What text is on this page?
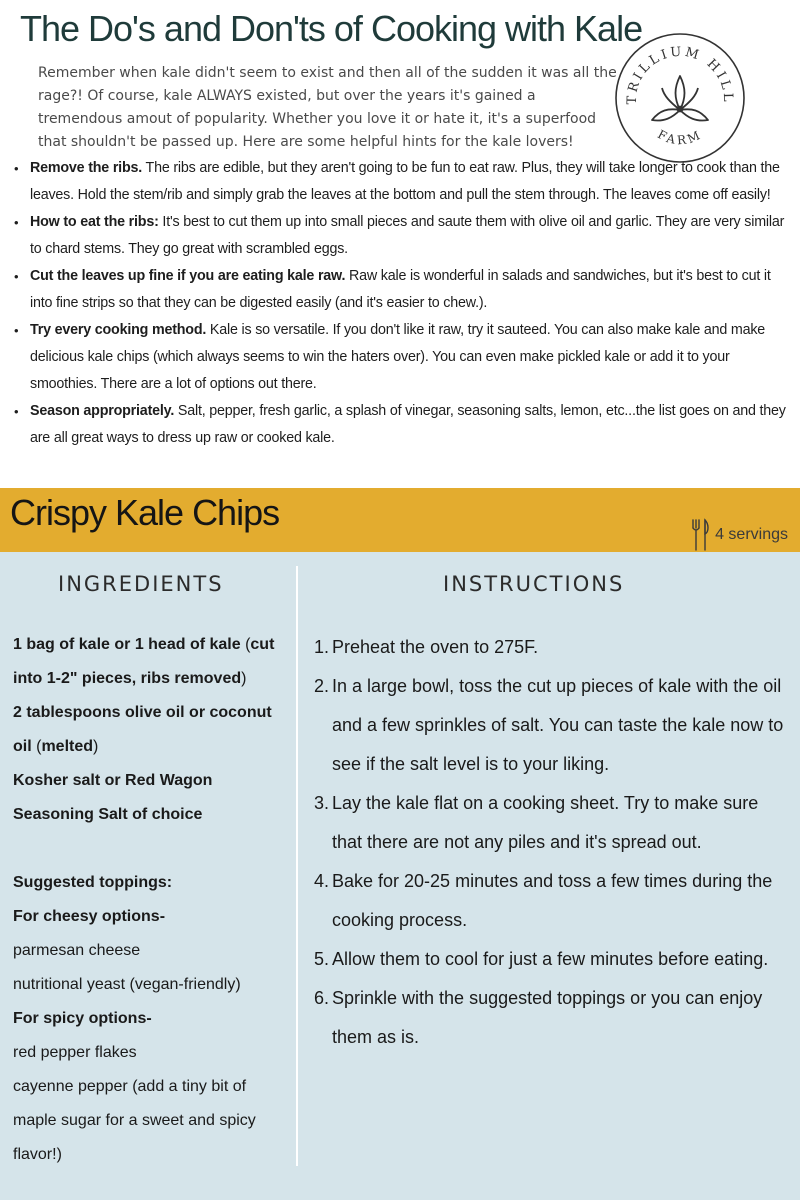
The Do's and Don'ts of Cooking with Kale
TRILLIUM HILL
FARM

Remember when kale didn't seem to exist and then all of the sudden it was all the rage?! Of course, kale ALWAYS existed, but over the years it's gained a tremendous amout of popularity. Whether you love it or hate it, it's a superfood that shouldn't be passed up. Here are some helpful hints for the kale lovers!

• Remove the ribs. The ribs are edible, but they aren't going to be fun to eat raw. Plus, they will take longer to cook than the leaves. Hold the stem/rib and simply grab the leaves at the bottom and pull the stem through. The leaves come off easily!
• How to eat the ribs: It's best to cut them up into small pieces and saute them with olive oil and garlic. They are very similar to chard stems. They go great with scrambled eggs.
• Cut the leaves up fine if you are eating kale raw. Raw kale is wonderful in salads and sandwiches, but it's best to cut it into fine strips so that they can be digested easily (and it's easier to chew.).
• Try every cooking method. Kale is so versatile. If you don't like it raw, try it sauteed. You can also make kale and make delicious kale chips (which always seems to win the haters over). You can even make pickled kale or add it to your smoothies. There are a lot of options out there.
• Season appropriately. Salt, pepper, fresh garlic, a splash of vinegar, seasoning salts, lemon, etc...the list goes on and they are all great ways to dress up raw or cooked kale.
Crispy Kale Chips
4 servings
INGREDIENTS	INSTRUCTIONS
1 bag of kale or 1 head of kale (cut into 1-2" pieces, ribs removed)
2 tablespoons olive oil or coconut oil (melted)
Kosher salt or Red Wagon Seasoning Salt of choice
Suggested toppings:
For cheesy options-
parmesan cheese
nutritional yeast (vegan-friendly)
For spicy options-
red pepper flakes
cayenne pepper (add a tiny bit of maple sugar for a sweet and spicy flavor!)
1. Preheat the oven to 275F.
2. In a large bowl, toss the cut up pieces of kale with the oil and a few sprinkles of salt. You can taste the kale now to see if the salt level is to your liking.
3. Lay the kale flat on a cooking sheet. Try to make sure that there are not any piles and it's spread out.
4. Bake for 20-25 minutes and toss a few times during the cooking process.
5. Allow them to cool for just a few minutes before eating.
6. Sprinkle with the suggested toppings or you can enjoy them as is.
